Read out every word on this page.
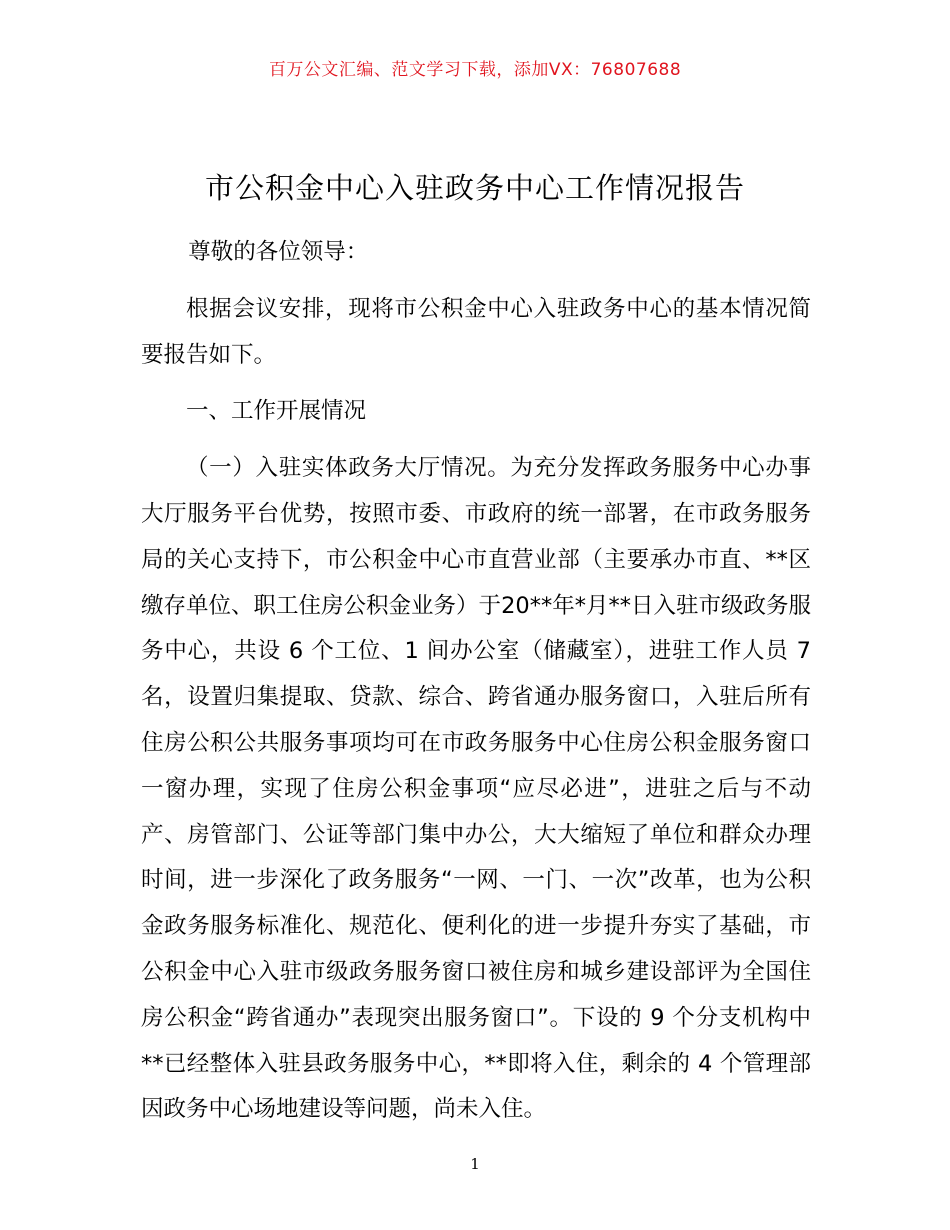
百万公文汇编、范文学习下载，添加VX：76807688
市公积金中心入驻政务中心工作情况报告

尊敬的各位领导：

根据会议安排，现将市公积金中心入驻政务中心的基本情况简要报告如下。

一、工作开展情况

（一）入驻实体政务大厅情况。为充分发挥政务服务中心办事大厅服务平台优势，按照市委、市政府的统一部署，在市政务服务局的关心支持下，市公积金中心市直营业部（主要承办市直、**区缴存单位、职工住房公积金业务）于20**年*月**日入驻市级政务服务中心，共设 6 个工位、1 间办公室（储藏室），进驻工作人员 7 名，设置归集提取、贷款、综合、跨省通办服务窗口，入驻后所有住房公积公共服务事项均可在市政务服务中心住房公积金服务窗口一窗办理，实现了住房公积金事项“应尽必进”，进驻之后与不动产、房管部门、公证等部门集中办公，大大缩短了单位和群众办理时间，进一步深化了政务服务“一网、一门、一次”改革，也为公积金政务服务标准化、规范化、便利化的进一步提升夯实了基础，市公积金中心入驻市级政务服务窗口被住房和城乡建设部评为全国住房公积金“跨省通办”表现突出服务窗口”。下设的 9 个分支机构中**已经整体入驻县政务服务中心，**即将入住，剩余的 4 个管理部因政务中心场地建设等问题，尚未入住。

1
